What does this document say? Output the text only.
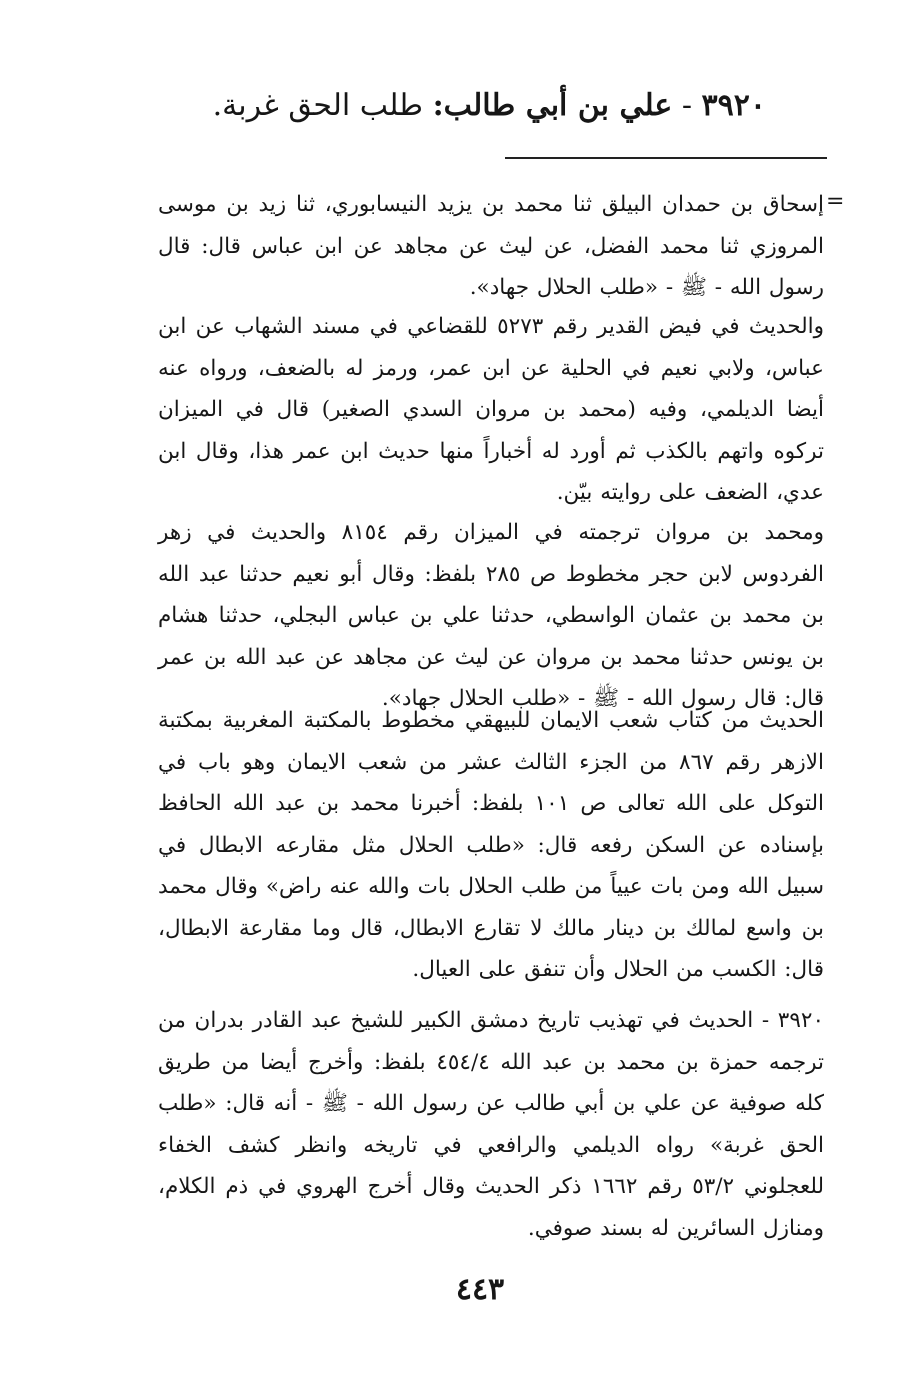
٣٩٢٠ - علي بن أبي طالب: طلب الحق غربة.
=

إسحاق بن حمدان البيلق ثنا محمد بن يزيد النيسابوري، ثنا زيد بن موسى المروزي ثنا محمد الفضل، عن ليث عن مجاهد عن ابن عباس قال: قال رسول الله - ﷺ - «طلب الحلال جهاد».

والحديث في فيض القدير رقم ٥٢٧٣ للقضاعي في مسند الشهاب عن ابن عباس، ولابي نعيم في الحلية عن ابن عمر، ورمز له بالضعف، ورواه عنه أيضا الديلمي، وفيه (محمد بن مروان السدي الصغير) قال في الميزان تركوه واتهم بالكذب ثم أورد له أخباراً منها حديث ابن عمر هذا، وقال ابن عدي، الضعف على روايته بيّن.

ومحمد بن مروان ترجمته في الميزان رقم ٨١٥٤ والحديث في زهر الفردوس لابن حجر مخطوط ص ٢٨٥ بلفظ: وقال أبو نعيم حدثنا عبد الله بن محمد بن عثمان الواسطي، حدثنا علي بن عباس البجلي، حدثنا هشام بن يونس حدثنا محمد بن مروان عن ليث عن مجاهد عن عبد الله بن عمر قال: قال رسول الله - ﷺ - «طلب الحلال جهاد».

الحديث من كتاب شعب الايمان للبيهقي مخطوط بالمكتبة المغربية بمكتبة الازهر رقم ٨٦٧ من الجزء الثالث عشر من شعب الايمان وهو باب في التوكل على الله تعالى ص ١٠١ بلفظ: أخبرنا محمد بن عبد الله الحافظ بإسناده عن السكن رفعه قال: «طلب الحلال مثل مقارعه الابطال في سبيل الله ومن بات عيياً من طلب الحلال بات والله عنه راض» وقال محمد بن واسع لمالك بن دينار مالك لا تقارع الابطال، قال وما مقارعة الابطال، قال: الكسب من الحلال وأن تنفق على العيال.

٣٩٢٠ - الحديث في تهذيب تاريخ دمشق الكبير للشيخ عبد القادر بدران من ترجمه حمزة بن محمد بن عبد الله ٤٥٤/٤ بلفظ: وأخرج أيضا من طريق كله صوفية عن علي بن أبي طالب عن رسول الله - ﷺ - أنه قال: «طلب الحق غربة» رواه الديلمي والرافعي في تاريخه وانظر كشف الخفاء للعجلوني ٥٣/٢ رقم ١٦٦٢ ذكر الحديث وقال أخرج الهروي في ذم الكلام، ومنازل السائرين له بسند صوفي.

٤٤٣
